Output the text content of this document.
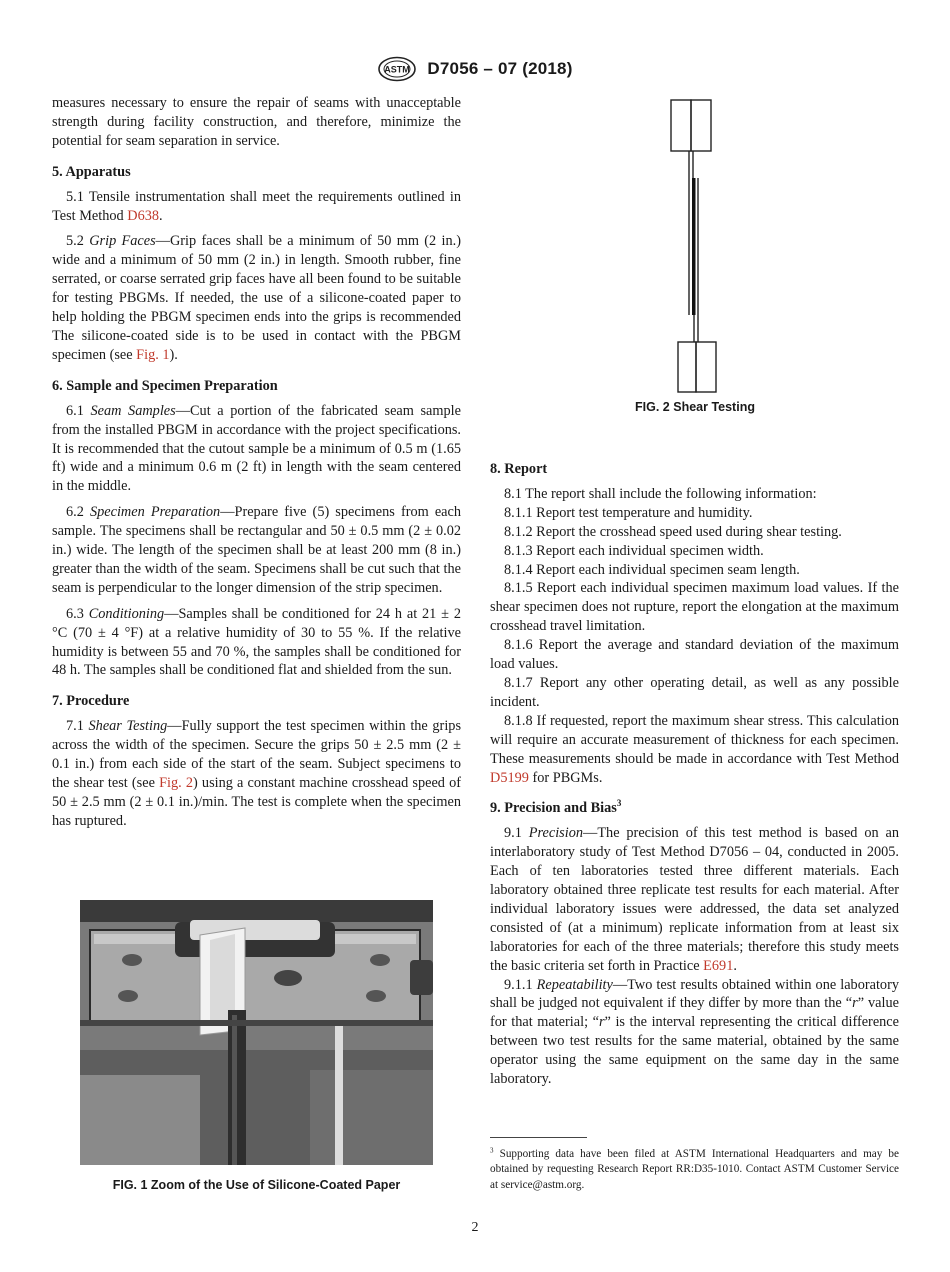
ASTM D7056 – 07 (2018)

measures necessary to ensure the repair of seams with unacceptable strength during facility construction, and therefore, minimize the potential for seam separation in service.

5. Apparatus

5.1 Tensile instrumentation shall meet the requirements outlined in Test Method D638.

5.2 Grip Faces—Grip faces shall be a minimum of 50 mm (2 in.) wide and a minimum of 50 mm (2 in.) in length. Smooth rubber, fine serrated, or coarse serrated grip faces have all been found to be suitable for testing PBGMs. If needed, the use of a silicone-coated paper to help holding the PBGM specimen ends into the grips is recommended The silicone-coated side is to be used in contact with the PBGM specimen (see Fig. 1).

6. Sample and Specimen Preparation

6.1 Seam Samples—Cut a portion of the fabricated seam sample from the installed PBGM in accordance with the project specifications. It is recommended that the cutout sample be a minimum of 0.5 m (1.65 ft) wide and a minimum 0.6 m (2 ft) in length with the seam centered in the middle.

6.2 Specimen Preparation—Prepare five (5) specimens from each sample. The specimens shall be rectangular and 50 ± 0.5 mm (2 ± 0.02 in.) wide. The length of the specimen shall be at least 200 mm (8 in.) greater than the width of the seam. Specimens shall be cut such that the seam is perpendicular to the longer dimension of the strip specimen.

6.3 Conditioning—Samples shall be conditioned for 24 h at 21 ± 2 °C (70 ± 4 °F) at a relative humidity of 30 to 55 %. If the relative humidity is between 55 and 70 %, the samples shall be conditioned for 48 h. The samples shall be conditioned flat and shielded from the sun.

7. Procedure

7.1 Shear Testing—Fully support the test specimen within the grips across the width of the specimen. Secure the grips 50 ± 2.5 mm (2 ± 0.1 in.) from each side of the start of the seam. Subject specimens to the shear test (see Fig. 2) using a constant machine crosshead speed of 50 ± 2.5 mm (2 ± 0.1 in.)/min. The test is complete when the specimen has ruptured.

FIG. 2 Shear Testing
8. Report

8.1 The report shall include the following information:

8.1.1 Report test temperature and humidity.

8.1.2 Report the crosshead speed used during shear testing.

8.1.3 Report each individual specimen width.

8.1.4 Report each individual specimen seam length.

8.1.5 Report each individual specimen maximum load values. If the shear specimen does not rupture, report the elongation at the maximum crosshead travel limitation.

8.1.6 Report the average and standard deviation of the maximum load values.

8.1.7 Report any other operating detail, as well as any possible incident.

8.1.8 If requested, report the maximum shear stress. This calculation will require an accurate measurement of thickness for each specimen. These measurements should be made in accordance with Test Method D5199 for PBGMs.

9. Precision and Bias$^3$

9.1 Precision—The precision of this test method is based on an interlaboratory study of Test Method D7056 – 04, conducted in 2005. Each of ten laboratories tested three different materials. Each laboratory obtained three replicate test results for each material. After individual laboratory issues were addressed, the data set analyzed consisted of (at a minimum) replicate information from at least six laboratories for each of the three materials; therefore this study meets the basic criteria set forth in Practice E691.

9.1.1 Repeatability—Two test results obtained within one laboratory shall be judged not equivalent if they differ by more than the “r” value for that material; “r” is the interval representing the critical difference between two test results for the same material, obtained by the same operator using the same equipment on the same day in the same laboratory.

FIG. 1 Zoom of the Use of Silicone-Coated Paper
$^3$ Supporting data have been filed at ASTM International Headquarters and may be obtained by requesting Research Report RR:D35-1010. Contact ASTM Customer Service at service@astm.org.
2
